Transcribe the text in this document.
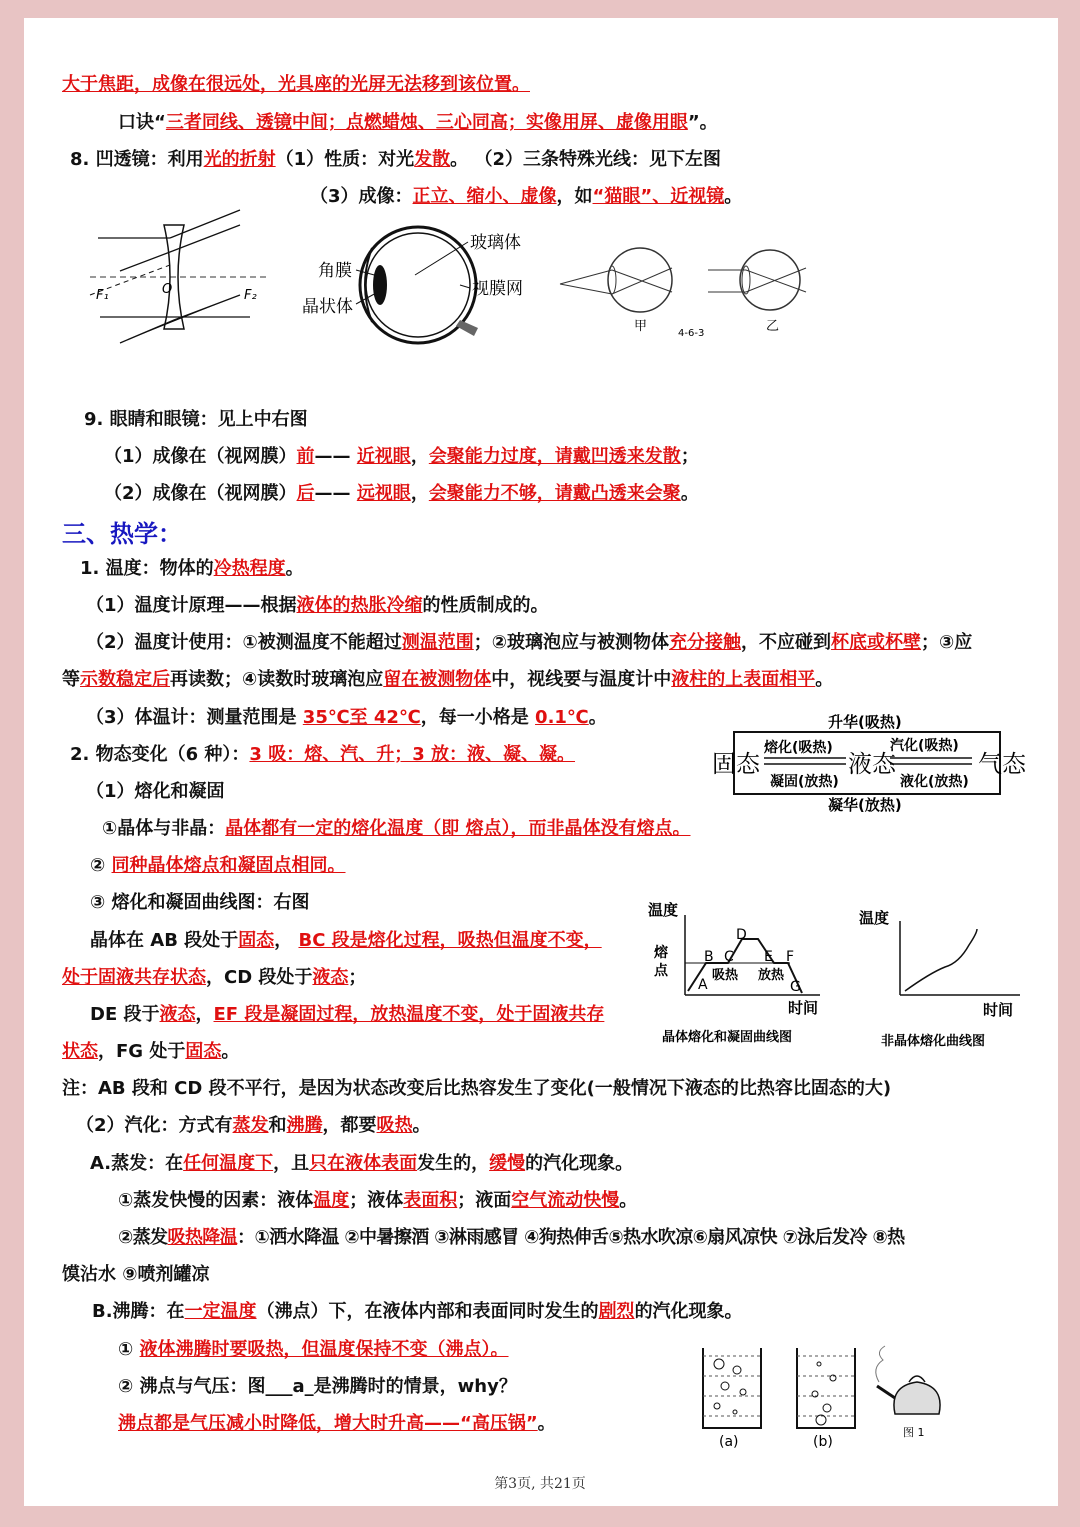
大于焦距，成像在很远处，光具座的光屏无法移到该位置。
口诀“三者同线、透镜中间；点燃蜡烛、三心同高；实像用屏、虚像用眼”。
8. 凹透镜：利用光的折射（1）性质：对光发散。 （2）三条特殊光线：见下左图
（3）成像：正立、缩小、虚像，如“猫眼”、近视镜。
F₁	O	F₂
玻璃体
角膜
视膜网
晶状体
甲	4-6-3	乙
9. 眼睛和眼镜：见上中右图
（1）成像在（视网膜）前—— 近视眼，会聚能力过度，请戴凹透来发散；
（2）成像在（视网膜）后—— 远视眼，会聚能力不够，请戴凸透来会聚。
三、热学：
1. 温度：物体的冷热程度。
（1）温度计原理——根据液体的热胀冷缩的性质制成的。
（2）温度计使用：①被测温度不能超过测温范围；②玻璃泡应与被测物体充分接触，不应碰到杯底或杯壁；③应
等示数稳定后再读数；④读数时玻璃泡应留在被测物体中，视线要与温度计中液柱的上表面相平。
（3）体温计：测量范围是 35℃至 42℃，每一小格是 0.1℃。
2. 物态变化（6 种）：3 吸：熔、汽、升；3 放：液、凝、凝。
升华(吸热)
固态
熔化(吸热)
凝固(放热)
液态
汽化(吸热)
液化(放热)
气态
凝华(放热)
（1）熔化和凝固
①晶体与非晶：晶体都有一定的熔化温度（即 熔点），而非晶体没有熔点。
② 同种晶体熔点和凝固点相同。
③ 熔化和凝固曲线图：右图
晶体在 AB 段处于固态， BC 段是熔化过程，吸热但温度不变，
处于固液共存状态，CD 段处于液态；
DE 段于液态，EF 段是凝固过程，放热温度不变，处于固液共存
状态，FG 处于固态。
温度
熔
点
A
B C
D
E F
G
吸热 放热
时间
晶体熔化和凝固曲线图
温度
时间
非晶体熔化曲线图
注：AB 段和 CD 段不平行，是因为状态改变后比热容发生了变化(一般情况下液态的比热容比固态的大)
（2）汽化：方式有蒸发和沸腾，都要吸热。
A.蒸发：在任何温度下，且只在液体表面发生的，缓慢的汽化现象。
①蒸发快慢的因素：液体温度；液体表面积；液面空气流动快慢。
②蒸发吸热降温：①洒水降温 ②中暑擦酒 ③淋雨感冒 ④狗热伸舌⑤热水吹凉⑥扇风凉快 ⑦泳后发冷 ⑧热
馍沾水 ⑨喷剂罐凉
B.沸腾：在一定温度（沸点）下，在液体内部和表面同时发生的剧烈的汽化现象。
① 液体沸腾时要吸热，但温度保持不变（沸点）。
② 沸点与气压：图___a_是沸腾时的情景，why？
沸点都是气压减小时降低，增大时升高——“高压锅”。
(a)	(b)
图 1
第3页, 共21页
